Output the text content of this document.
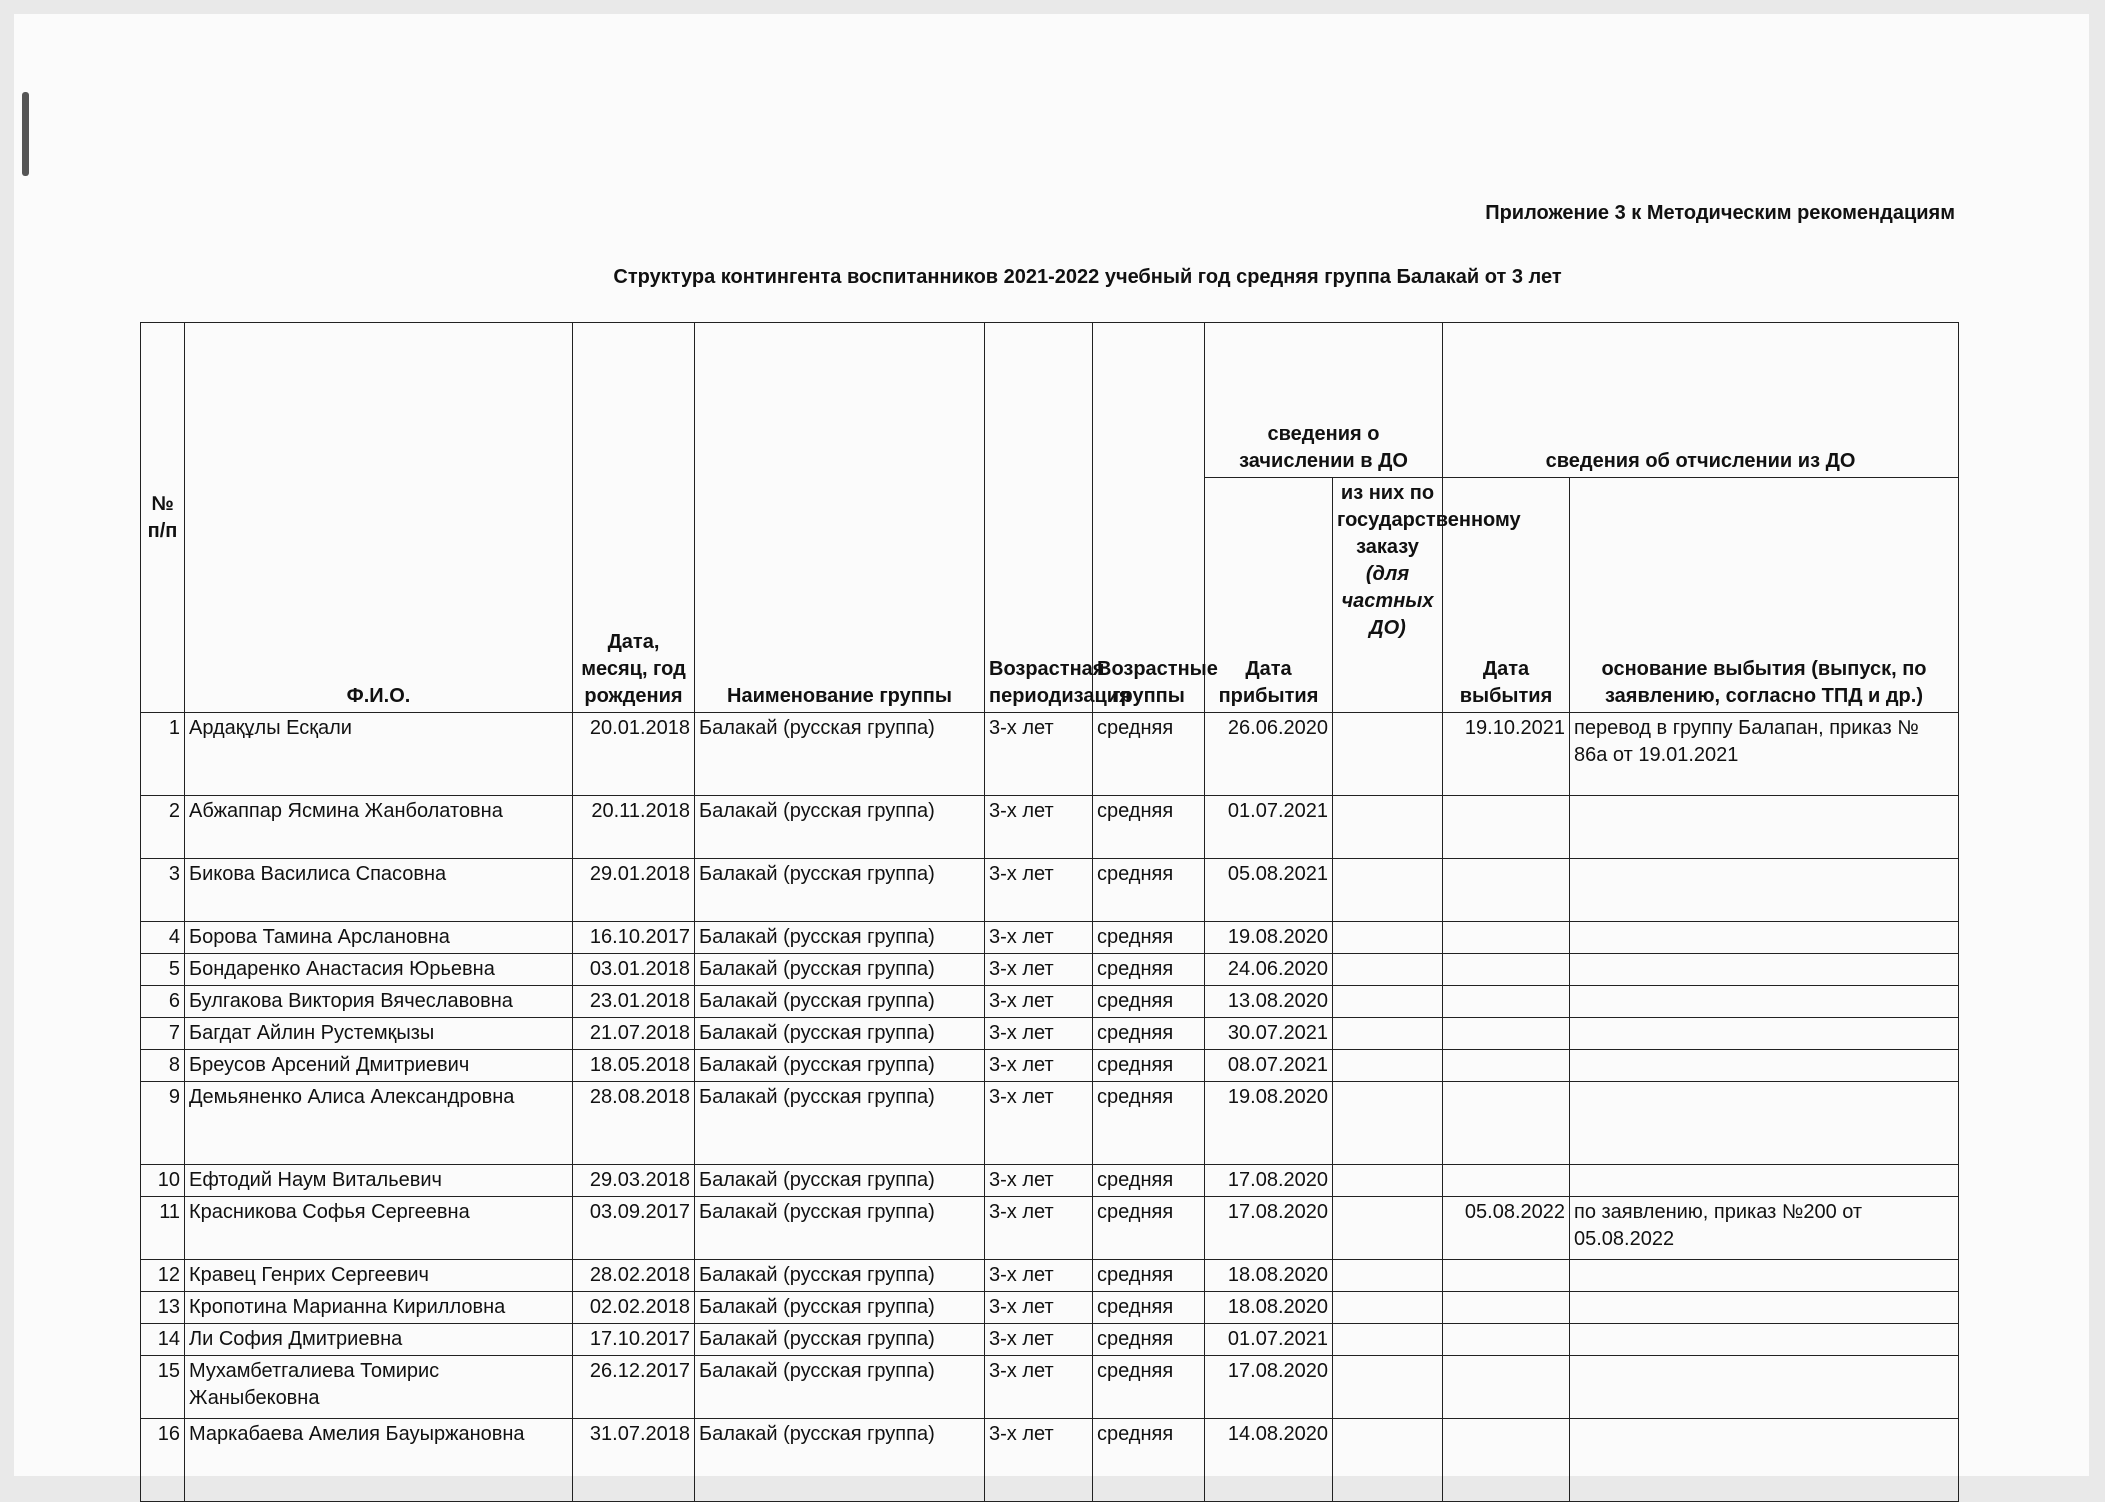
Приложение 3 к Методическим рекомендациям

Структура контингента воспитанников 2021-2022 учебный год средняя группа Балакай от 3 лет

№ п/п	Ф.И.О.	Дата, месяц, год рождения	Наименование группы	Возрастная периодизация	Возрастные группы	сведения о зачислении в ДО		сведения об отчислении из ДО	
						Дата прибытия	из них по государственному заказу (для частных ДО)	Дата выбытия	основание выбытия (выпуск, по заявлению, согласно ТПД и др.)
1	Ардақұлы Есқали	20.01.2018	Балакай (русская группа)	3-х лет	средняя	26.06.2020		19.10.2021	перевод в группу Балапан, приказ № 86а от 19.01.2021
2	Абжаппар Ясмина Жанболатовна	20.11.2018	Балакай (русская группа)	3-х лет	средняя	01.07.2021			
3	Бикова Василиса Спасовна	29.01.2018	Балакай (русская группа)	3-х лет	средняя	05.08.2021			
4	Борова Тамина Арслановна	16.10.2017	Балакай (русская группа)	3-х лет	средняя	19.08.2020			
5	Бондаренко Анастасия Юрьевна	03.01.2018	Балакай (русская группа)	3-х лет	средняя	24.06.2020			
6	Булгакова Виктория Вячеславовна	23.01.2018	Балакай (русская группа)	3-х лет	средняя	13.08.2020			
7	Багдат Айлин Рустемқызы	21.07.2018	Балакай (русская группа)	3-х лет	средняя	30.07.2021			
8	Бреусов Арсений Дмитриевич	18.05.2018	Балакай (русская группа)	3-х лет	средняя	08.07.2021			
9	Демьяненко Алиса Александровна	28.08.2018	Балакай (русская группа)	3-х лет	средняя	19.08.2020			
10	Ефтодий Наум Витальевич	29.03.2018	Балакай (русская группа)	3-х лет	средняя	17.08.2020			
11	Красникова Софья Сергеевна	03.09.2017	Балакай (русская группа)	3-х лет	средняя	17.08.2020		05.08.2022	по заявлению, приказ №200 от 05.08.2022
12	Кравец Генрих Сергеевич	28.02.2018	Балакай (русская группа)	3-х лет	средняя	18.08.2020			
13	Кропотина Марианна Кирилловна	02.02.2018	Балакай (русская группа)	3-х лет	средняя	18.08.2020			
14	Ли София Дмитриевна	17.10.2017	Балакай (русская группа)	3-х лет	средняя	01.07.2021			
15	Мухамбетгалиева Томирис Жаныбековна	26.12.2017	Балакай (русская группа)	3-х лет	средняя	17.08.2020			
16	Маркабаева Амелия Бауыржановна	31.07.2018	Балакай (русская группа)	3-х лет	средняя	14.08.2020			
